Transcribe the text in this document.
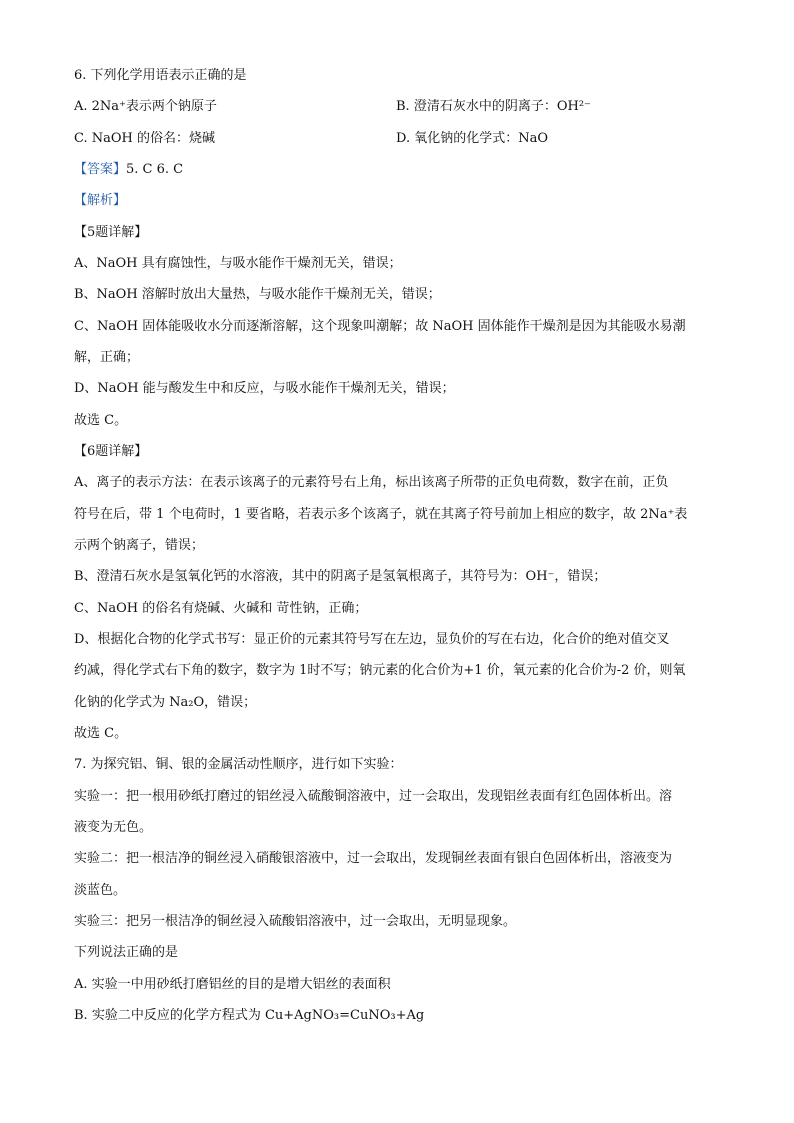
6. 下列化学用语表示正确的是
A. 2Na⁺表示两个钠原子	B. 澄清石灰水中的阴离子：OH²⁻
C. NaOH 的俗名：烧碱	D. 氧化钠的化学式：NaO
【答案】5. C 6. C
【解析】
【5题详解】
A、NaOH 具有腐蚀性，与吸水能作干燥剂无关，错误；
B、NaOH 溶解时放出大量热，与吸水能作干燥剂无关，错误；
C、NaOH 固体能吸收水分而逐渐溶解，这个现象叫潮解；故 NaOH 固体能作干燥剂是因为其能吸水易潮
解，正确；
D、NaOH 能与酸发生中和反应，与吸水能作干燥剂无关，错误；
故选 C。
【6题详解】
A、离子的表示方法：在表示该离子的元素符号右上角，标出该离子所带的正负电荷数，数字在前，正负
符号在后，带 1 个电荷时，1 要省略，若表示多个该离子，就在其离子符号前加上相应的数字，故 2Na⁺表
示两个钠离子，错误；
B、澄清石灰水是氢氧化钙的水溶液，其中的阴离子是氢氧根离子，其符号为：OH⁻，错误；
C、NaOH 的俗名有烧碱、火碱和 苛性钠，正确；
D、根据化合物的化学式书写：显正价的元素其符号写在左边，显负价的写在右边，化合价的绝对值交叉
约减，得化学式右下角的数字，数字为 1时不写；钠元素的化合价为+1 价，氧元素的化合价为-2 价，则氧
化钠的化学式为 Na₂O，错误；
故选 C。
7. 为探究铝、铜、银的金属活动性顺序，进行如下实验：
实验一：把一根用砂纸打磨过的铝丝浸入硫酸铜溶液中，过一会取出，发现铝丝表面有红色固体析出。溶
液变为无色。
实验二：把一根洁净的铜丝浸入硝酸银溶液中，过一会取出，发现铜丝表面有银白色固体析出，溶液变为
淡蓝色。
实验三：把另一根洁净的铜丝浸入硫酸铝溶液中，过一会取出，无明显现象。
下列说法正确的是
A. 实验一中用砂纸打磨铝丝的目的是增大铝丝的表面积
B. 实验二中反应的化学方程式为 Cu+AgNO₃=CuNO₃+Ag
